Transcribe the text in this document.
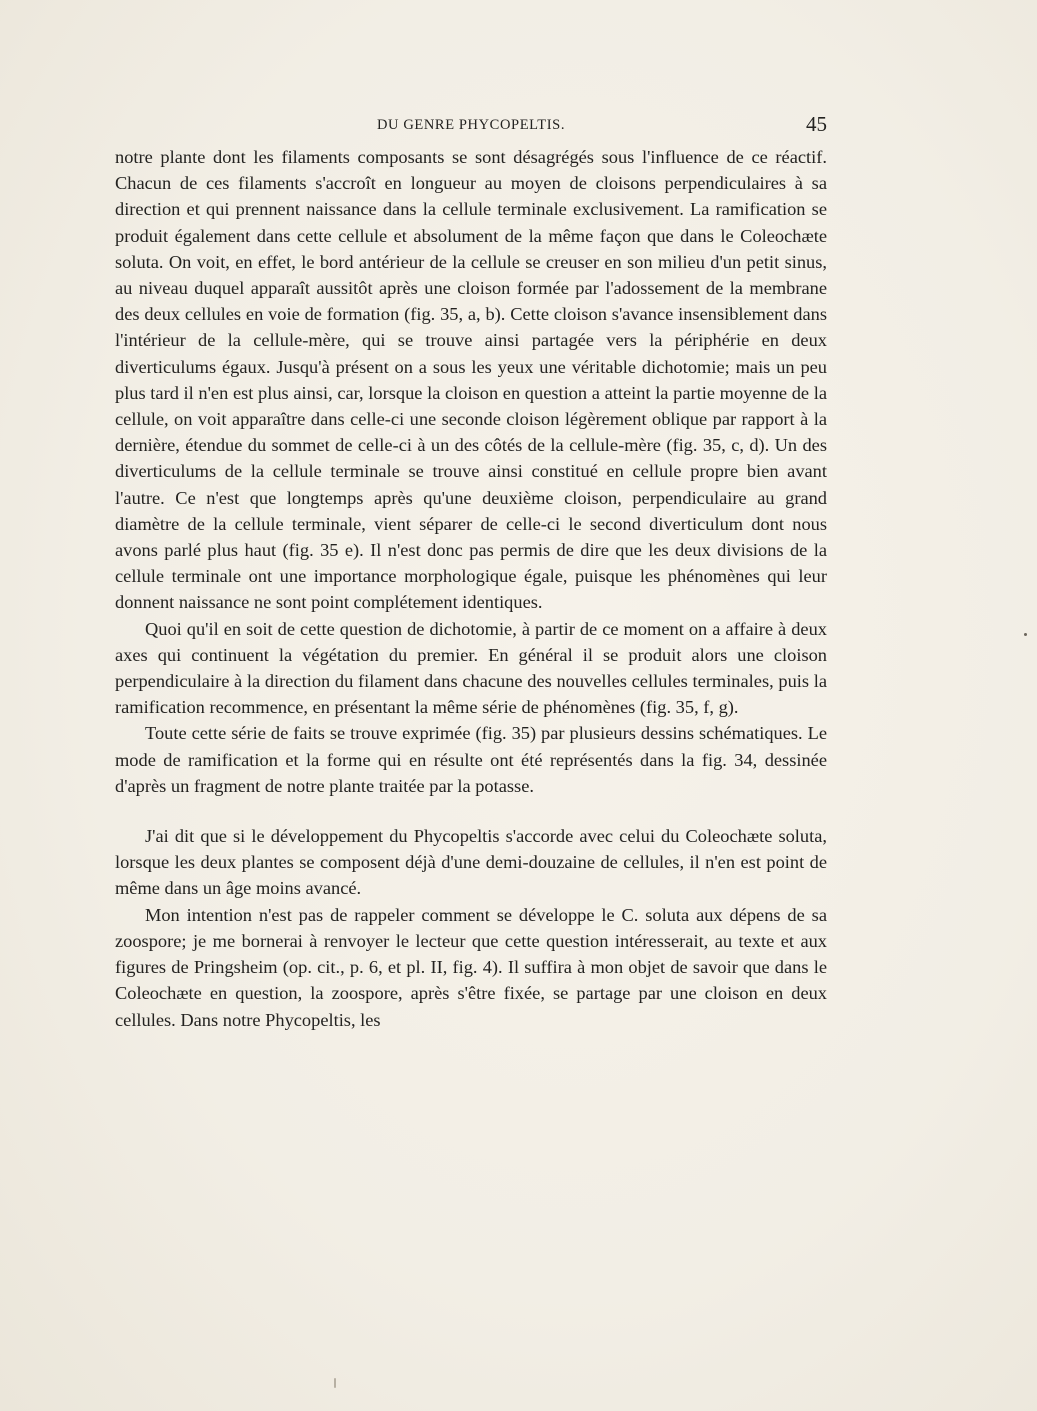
DU GENRE PHYCOPELTIS.	45

notre plante dont les filaments composants se sont désagrégés sous l'influence de ce réactif. Chacun de ces filaments s'accroît en longueur au moyen de cloisons perpendiculaires à sa direction et qui prennent naissance dans la cellule terminale exclusivement. La ramification se produit également dans cette cellule et absolument de la même façon que dans le Coleochæte soluta. On voit, en effet, le bord antérieur de la cellule se creuser en son milieu d'un petit sinus, au niveau duquel apparaît aussitôt après une cloison formée par l'adossement de la membrane des deux cellules en voie de formation (fig. 35, a, b). Cette cloison s'avance insensiblement dans l'intérieur de la cellule-mère, qui se trouve ainsi partagée vers la périphérie en deux diverticulums égaux. Jusqu'à présent on a sous les yeux une véritable dichotomie; mais un peu plus tard il n'en est plus ainsi, car, lorsque la cloison en question a atteint la partie moyenne de la cellule, on voit apparaître dans celle-ci une seconde cloison légèrement oblique par rapport à la dernière, étendue du sommet de celle-ci à un des côtés de la cellule-mère (fig. 35, c, d). Un des diverticulums de la cellule terminale se trouve ainsi constitué en cellule propre bien avant l'autre. Ce n'est que longtemps après qu'une deuxième cloison, perpendiculaire au grand diamètre de la cellule terminale, vient séparer de celle-ci le second diverticulum dont nous avons parlé plus haut (fig. 35 e). Il n'est donc pas permis de dire que les deux divisions de la cellule terminale ont une importance morphologique égale, puisque les phénomènes qui leur donnent naissance ne sont point complétement identiques.

Quoi qu'il en soit de cette question de dichotomie, à partir de ce moment on a affaire à deux axes qui continuent la végétation du premier. En général il se produit alors une cloison perpendiculaire à la direction du filament dans chacune des nouvelles cellules terminales, puis la ramification recommence, en présentant la même série de phénomènes (fig. 35, f, g).

Toute cette série de faits se trouve exprimée (fig. 35) par plusieurs dessins schématiques. Le mode de ramification et la forme qui en résulte ont été représentés dans la fig. 34, dessinée d'après un fragment de notre plante traitée par la potasse.

J'ai dit que si le développement du Phycopeltis s'accorde avec celui du Coleochæte soluta, lorsque les deux plantes se composent déjà d'une demi-douzaine de cellules, il n'en est point de même dans un âge moins avancé.

Mon intention n'est pas de rappeler comment se développe le C. soluta aux dépens de sa zoospore; je me bornerai à renvoyer le lecteur que cette question intéresserait, au texte et aux figures de Pringsheim (op. cit., p. 6, et pl. II, fig. 4). Il suffira à mon objet de savoir que dans le Coleochæte en question, la zoospore, après s'être fixée, se partage par une cloison en deux cellules. Dans notre Phycopeltis, les
